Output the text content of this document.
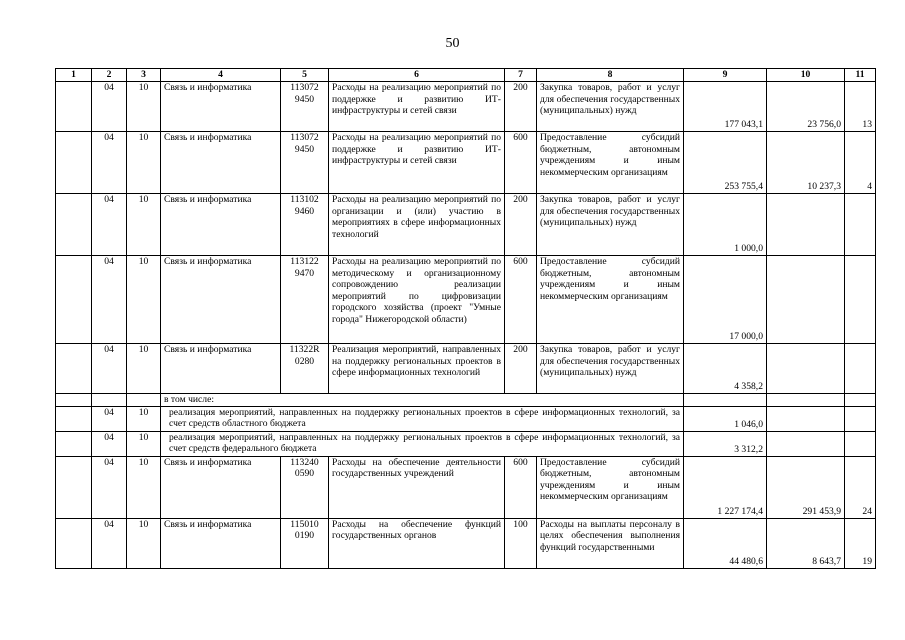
50
1	2	3	4	5	6	7	8	9	10	11
	04	10	Связь и информатика	113072 9450	Расходы на реализацию мероприятий по поддержке и развитию ИТ-инфраструктуры и сетей связи	200	Закупка товаров, работ и услуг для обеспечения государственных (муниципальных) нужд	177 043,1	23 756,0	13
	04	10	Связь и информатика	113072 9450	Расходы на реализацию мероприятий по поддержке и развитию ИТ-инфраструктуры и сетей связи	600	Предоставление субсидий бюджетным, автономным учреждениям и иным некоммерческим организациям	253 755,4	10 237,3	4
	04	10	Связь и информатика	113102 9460	Расходы на реализацию мероприятий по организации и (или) участию в мероприятиях в сфере информационных технологий	200	Закупка товаров, работ и услуг для обеспечения государственных (муниципальных) нужд	1 000,0		
	04	10	Связь и информатика	113122 9470	Расходы на реализацию мероприятий по методическому и организационному сопровождению реализации мероприятий по цифровизации городского хозяйства (проект "Умные города" Нижегородской области)	600	Предоставление субсидий бюджетным, автономным учреждениям и иным некоммерческим организациям	17 000,0		
	04	10	Связь и информатика	11322R 0280	Реализация мероприятий, направленных на поддержку региональных проектов в сфере информационных технологий	200	Закупка товаров, работ и услуг для обеспечения государственных (муниципальных) нужд	4 358,2		
			в том числе:							
	04	10	реализация мероприятий, направленных на поддержку региональных проектов в сфере информационных технологий, за счет средств областного бюджета					1 046,0		
	04	10	реализация мероприятий, направленных на поддержку региональных проектов в сфере информационных технологий, за счет средств федерального бюджета					3 312,2		
	04	10	Связь и информатика	113240 0590	Расходы на обеспечение деятельности государственных учреждений	600	Предоставление субсидий бюджетным, автономным учреждениям и иным некоммерческим организациям	1 227 174,4	291 453,9	24
	04	10	Связь и информатика	115010 0190	Расходы на обеспечение функций государственных органов	100	Расходы на выплаты персоналу в целях обеспечения выполнения функций государственными	44 480,6	8 643,7	19
